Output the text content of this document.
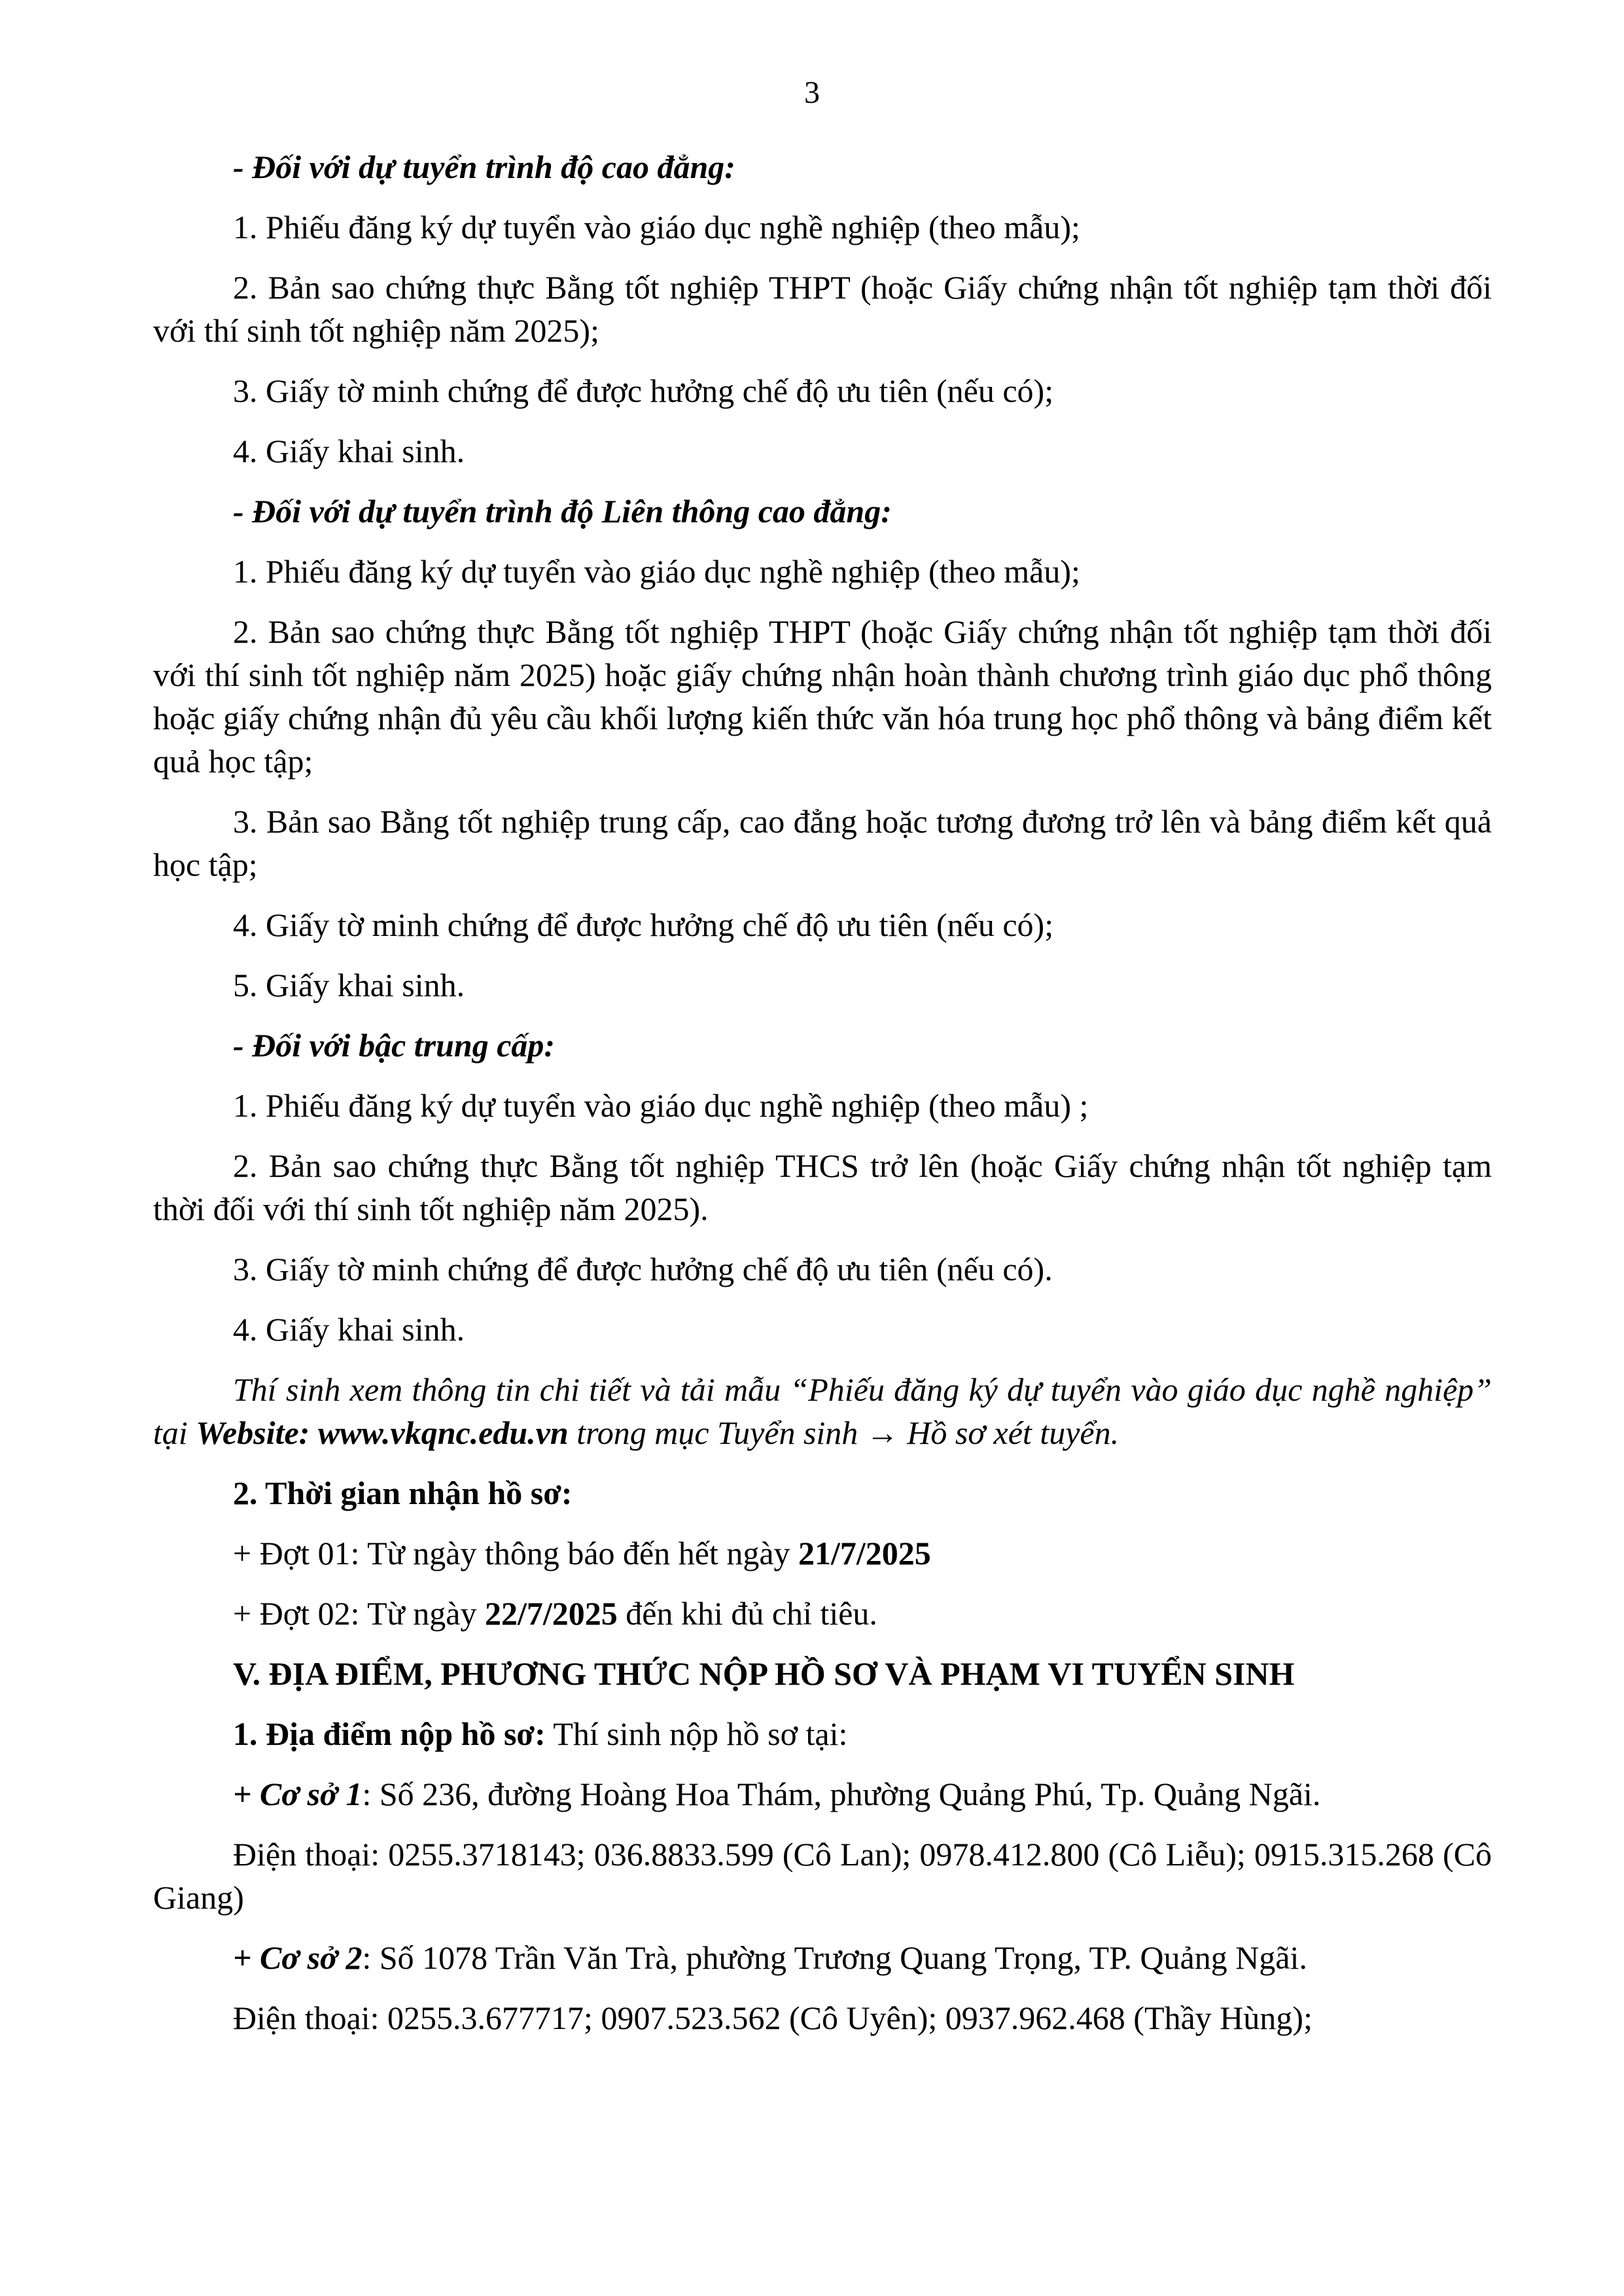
3

- Đối với dự tuyển trình độ cao đẳng:

1. Phiếu đăng ký dự tuyển vào giáo dục nghề nghiệp (theo mẫu);

2. Bản sao chứng thực Bằng tốt nghiệp THPT (hoặc Giấy chứng nhận tốt nghiệp tạm thời đối với thí sinh tốt nghiệp năm 2025);

3. Giấy tờ minh chứng để được hưởng chế độ ưu tiên (nếu có);

4. Giấy khai sinh.

- Đối với dự tuyển trình độ Liên thông cao đẳng:

1. Phiếu đăng ký dự tuyển vào giáo dục nghề nghiệp (theo mẫu);

2. Bản sao chứng thực Bằng tốt nghiệp THPT (hoặc Giấy chứng nhận tốt nghiệp tạm thời đối với thí sinh tốt nghiệp năm 2025) hoặc giấy chứng nhận hoàn thành chương trình giáo dục phổ thông hoặc giấy chứng nhận đủ yêu cầu khối lượng kiến thức văn hóa trung học phổ thông và bảng điểm kết quả học tập;

3. Bản sao Bằng tốt nghiệp trung cấp, cao đẳng hoặc tương đương trở lên và bảng điểm kết quả học tập;

4. Giấy tờ minh chứng để được hưởng chế độ ưu tiên (nếu có);

5. Giấy khai sinh.

- Đối với bậc trung cấp:

1. Phiếu đăng ký dự tuyển vào giáo dục nghề nghiệp (theo mẫu) ;

2. Bản sao chứng thực Bằng tốt nghiệp THCS trở lên (hoặc Giấy chứng nhận tốt nghiệp tạm thời đối với thí sinh tốt nghiệp năm 2025).

3. Giấy tờ minh chứng để được hưởng chế độ ưu tiên (nếu có).

4. Giấy khai sinh.

Thí sinh xem thông tin chi tiết và tải mẫu “Phiếu đăng ký dự tuyển vào giáo dục nghề nghiệp” tại Website: www.vkqnc.edu.vn trong mục Tuyển sinh → Hồ sơ xét tuyển.

2. Thời gian nhận hồ sơ:

+ Đợt 01: Từ ngày thông báo đến hết ngày 21/7/2025

+ Đợt 02: Từ ngày 22/7/2025 đến khi đủ chỉ tiêu.

V. ĐỊA ĐIỂM, PHƯƠNG THỨC NỘP HỒ SƠ VÀ PHẠM VI TUYỂN SINH

1. Địa điểm nộp hồ sơ: Thí sinh nộp hồ sơ tại:

+ Cơ sở 1: Số 236, đường Hoàng Hoa Thám, phường Quảng Phú, Tp. Quảng Ngãi.

Điện thoại: 0255.3718143; 036.8833.599 (Cô Lan); 0978.412.800 (Cô Liễu); 0915.315.268 (Cô Giang)

+ Cơ sở 2: Số 1078 Trần Văn Trà, phường Trương Quang Trọng, TP. Quảng Ngãi.

Điện thoại: 0255.3.677717; 0907.523.562 (Cô Uyên); 0937.962.468 (Thầy Hùng);
